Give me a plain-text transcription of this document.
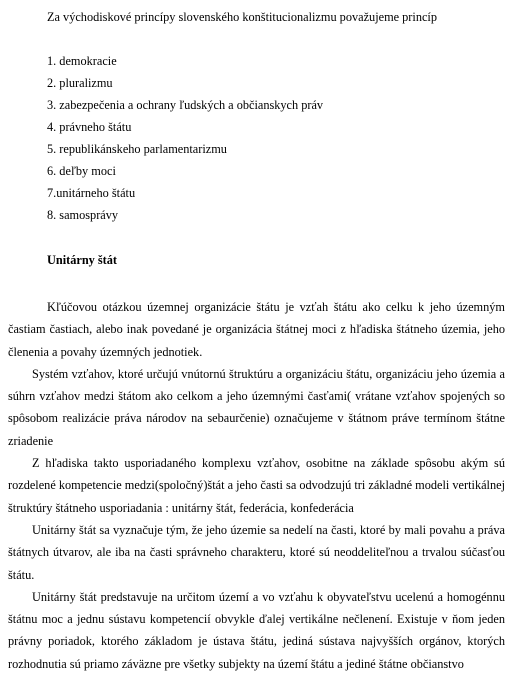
Za východiskové princípy slovenského konštitucionalizmu považujeme princíp
1. demokracie
2. pluralizmu
3. zabezpečenia a ochrany ľudských a občianskych práv
4. právneho štátu
5. republikánskeho parlamentarizmu
6. deľby moci
7.unitárneho štátu
8. samosprávy
Unitárny štát

Kľúčovou otázkou územnej organizácie štátu je vzťah štátu ako celku k jeho územným častiam častiach, alebo inak povedané je organizácia štátnej moci z hľadiska štátneho územia, jeho členenia a povahy územných jednotiek.

Systém vzťahov, ktoré určujú vnútornú štruktúru a organizáciu štátu, organizáciu jeho územia a súhrn vzťahov medzi štátom ako celkom a jeho územnými časťami( vrátane vzťahov spojených so spôsobom realizácie práva národov na sebaurčenie) označujeme v štátnom práve termínom štátne zriadenie

Z hľadiska takto usporiadaného komplexu vzťahov, osobitne na základe spôsobu akým sú rozdelené kompetencie medzi(spoločný)štát a jeho časti sa odvodzujú tri základné modeli vertikálnej štruktúry štátneho usporiadania : unitárny štát, federácia, konfederácia

Unitárny štát sa vyznačuje tým, že jeho územie sa nedelí na časti, ktoré by mali povahu a práva štátnych útvarov, ale iba na časti správneho charakteru, ktoré sú neoddeliteľnou a trvalou súčasťou štátu.

Unitárny štát predstavuje na určitom území a vo vzťahu k obyvateľstvu ucelenú a homogénnu štátnu moc a jednu sústavu kompetencií obvykle ďalej vertikálne nečlenení. Existuje v ňom jeden právny poriadok, ktorého základom je ústava štátu, jediná sústava najvyšších orgánov, ktorých rozhodnutia sú priamo záväzne pre všetky subjekty na území štátu a jediné štátne občianstvo
